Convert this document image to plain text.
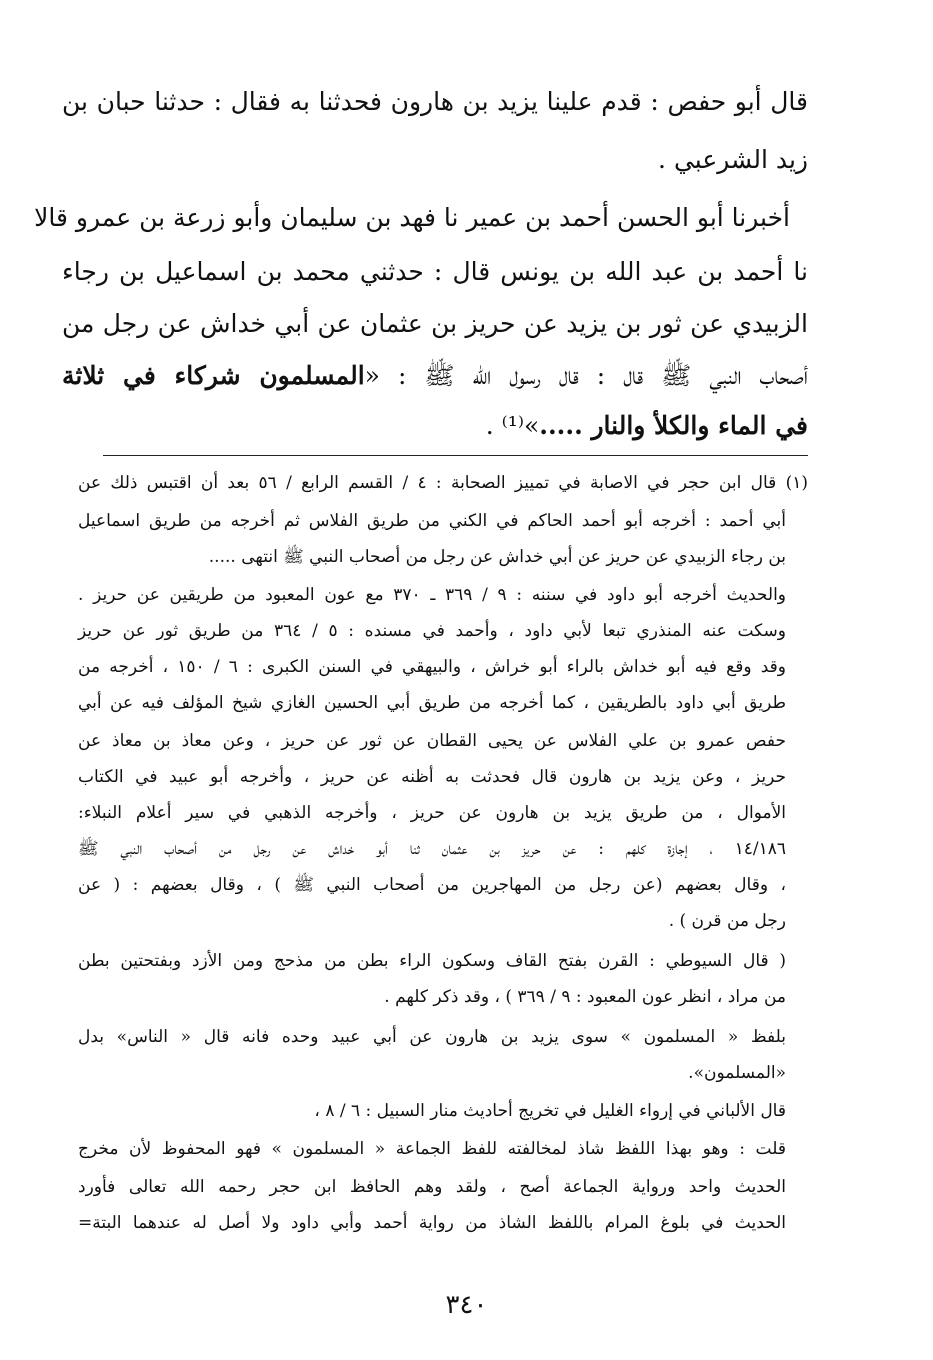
قال أبو حفص : قدم علينا يزيد بن هارون فحدثنا به فقال : حدثنا حبان بن
زيد الشرعبي .
أخبرنا أبو الحسن أحمد بن عمير نا فهد بن سليمان وأبو زرعة بن عمرو قالا
نا أحمد بن عبد الله بن يونس قال : حدثني محمد بن اسماعيل بن رجاء
الزبيدي عن ثور بن يزيد عن حريز بن عثمان عن أبي خداش عن رجل من
أصحاب النبي ﷺ قال : قال رسول الله ﷺ : «المسلمون شركاء في ثلاثة
في الماء والكلأ والنار .....»⁽¹⁾ .
(١) قال ابن حجر في الاصابة في تمييز الصحابة : ٤ / القسم الرابع / ٥٦ بعد أن اقتبس ذلك عن
أبي أحمد : أخرجه أبو أحمد الحاكم في الكني من طريق الفلاس ثم أخرجه من طريق اسماعيل
بن رجاء الزبيدي عن حريز عن أبي خداش عن رجل من أصحاب النبي ﷺ انتهى .....
والحديث أخرجه أبو داود في سننه : ٩ / ٣٦٩ ـ ٣٧٠ مع عون المعبود من طريقين عن حريز .
وسكت عنه المنذري تبعا لأبي داود ، وأحمد في مسنده : ٥ / ٣٦٤ من طريق ثور عن حريز
وقد وقع فيه أبو خداش بالراء أبو خراش ، والبيهقي في السنن الكبرى : ٦ / ١٥٠ ، أخرجه من
طريق أبي داود بالطريقين ، كما أخرجه من طريق أبي الحسين الغازي شيخ المؤلف فيه عن أبي
حفص عمرو بن علي الفلاس عن يحيى القطان عن ثور عن حريز ، وعن معاذ بن معاذ عن
حريز ، وعن يزيد بن هارون قال فحدثت به أظنه عن حريز ، وأخرجه أبو عبيد في الكتاب
الأموال ، من طريق يزيد بن هارون عن حريز ، وأخرجه الذهبي في سير أعلام النبلاء:
١٤/١٨٦ ، إجازة كلهم : عن حريز بن عثمان ثنا أبو خداش عن رجل من أصحاب النبي ﷺ
، وقال بعضهم (عن رجل من المهاجرين من أصحاب النبي ﷺ ) ، وقال بعضهم : ( عن
رجل من قرن ) .
( قال السيوطي : القرن بفتح القاف وسكون الراء بطن من مذحج ومن الأزد وبفتحتين بطن
من مراد ، انظر عون المعبود : ٩ / ٣٦٩ ) ، وقد ذكر كلهم .
بلفظ « المسلمون » سوى يزيد بن هارون عن أبي عبيد وحده فانه قال « الناس» بدل
«المسلمون».
قال الألباني في إرواء الغليل في تخريج أحاديث منار السبيل : ٦ / ٨ ،
قلت : وهو بهذا اللفظ شاذ لمخالفته للفظ الجماعة « المسلمون » فهو المحفوظ لأن مخرج
الحديث واحد ورواية الجماعة أصح ، ولقد وهم الحافظ ابن حجر رحمه الله تعالى فأورد
الحديث في بلوغ المرام باللفظ الشاذ من رواية أحمد وأبي داود ولا أصل له عندهما البتة=
٣٤٠
